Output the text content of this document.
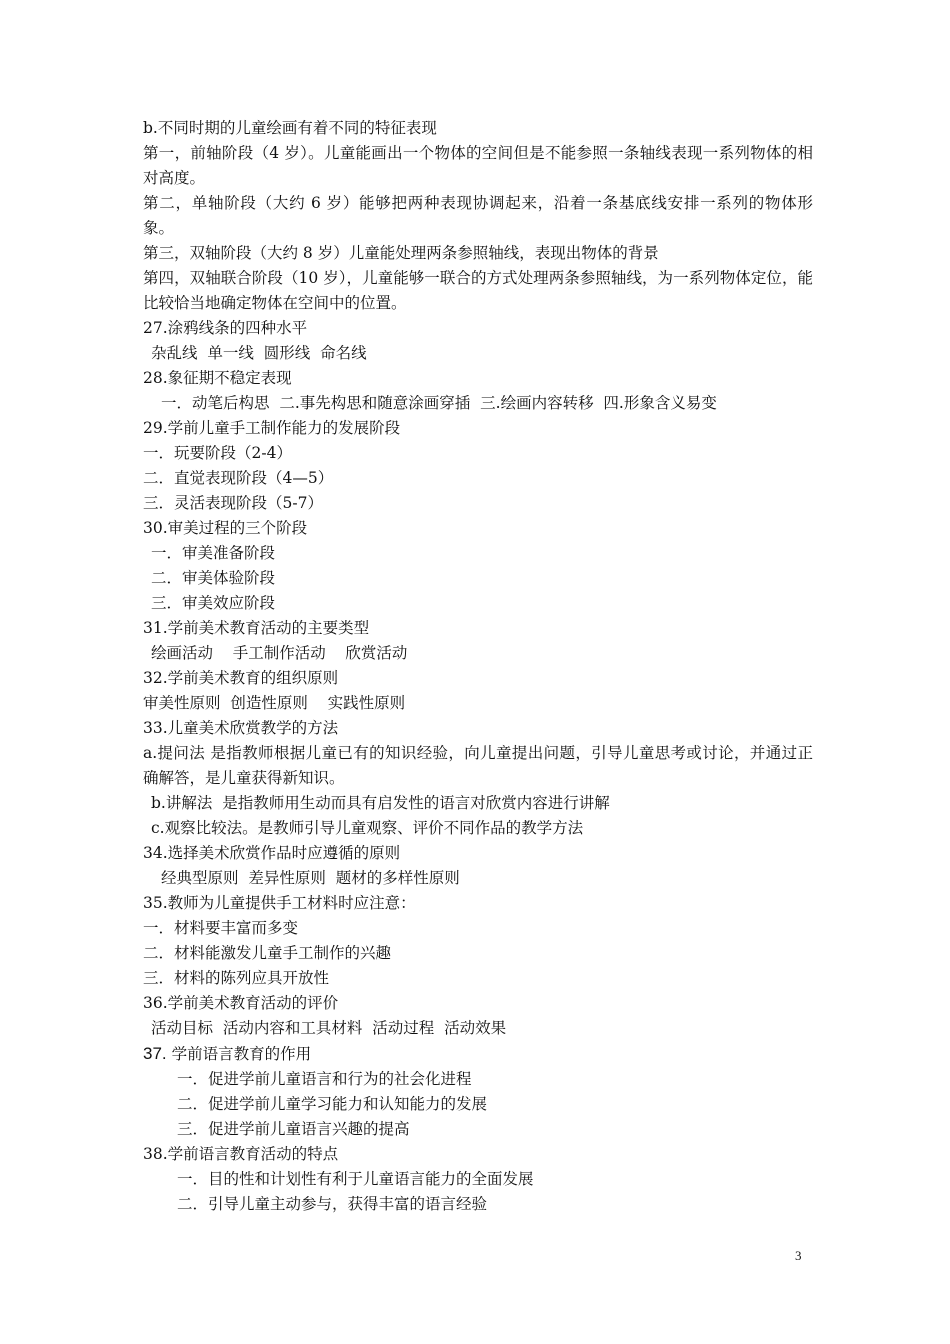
b.不同时期的儿童绘画有着不同的特征表现
第一，前轴阶段（4 岁）。儿童能画出一个物体的空间但是不能参照一条轴线表现一系列物体的相对高度。
第二，单轴阶段（大约 6 岁）能够把两种表现协调起来，沿着一条基底线安排一系列的物体形象。
第三，双轴阶段（大约 8 岁）儿童能处理两条参照轴线，表现出物体的背景
第四，双轴联合阶段（10 岁），儿童能够一联合的方式处理两条参照轴线，为一系列物体定位，能比较恰当地确定物体在空间中的位置。
27.涂鸦线条的四种水平
杂乱线  单一线  圆形线  命名线
28.象征期不稳定表现
一．动笔后构思  二.事先构思和随意涂画穿插  三.绘画内容转移  四.形象含义易变
29.学前儿童手工制作能力的发展阶段
一．玩要阶段（2-4）
二．直觉表现阶段（4—5）
三．灵活表现阶段（5-7）
30.审美过程的三个阶段
一．审美准备阶段
二．审美体验阶段
三．审美效应阶段
31.学前美术教育活动的主要类型
绘画活动    手工制作活动    欣赏活动
32.学前美术教育的组织原则
审美性原则  创造性原则    实践性原则
33.儿童美术欣赏教学的方法
a.提问法 是指教师根据儿童已有的知识经验，向儿童提出问题，引导儿童思考或讨论，并通过正确解答，是儿童获得新知识。
b.讲解法  是指教师用生动而具有启发性的语言对欣赏内容进行讲解
c.观察比较法。是教师引导儿童观察、评价不同作品的教学方法
34.选择美术欣赏作品时应遵循的原则
经典型原则  差异性原则  题材的多样性原则
35.教师为儿童提供手工材料时应注意：
一．材料要丰富而多变
二．材料能激发儿童手工制作的兴趣
三．材料的陈列应具开放性
36.学前美术教育活动的评价
活动目标  活动内容和工具材料  活动过程  活动效果
37. 学前语言教育的作用
一．促进学前儿童语言和行为的社会化进程
二．促进学前儿童学习能力和认知能力的发展
三．促进学前儿童语言兴趣的提高
38.学前语言教育活动的特点
一．目的性和计划性有利于儿童语言能力的全面发展
二．引导儿童主动参与，获得丰富的语言经验
3
